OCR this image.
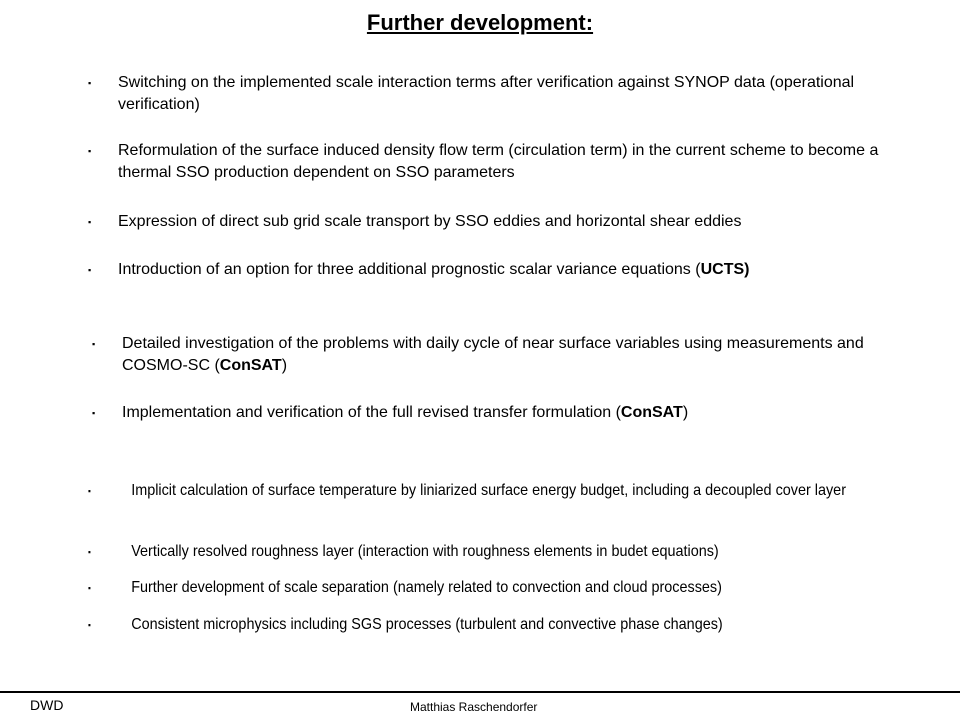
Further development:
▪ Switching on the implemented scale interaction terms after verification against SYNOP data (operational verification)
▪ Reformulation of the surface induced density flow term (circulation term) in the current scheme to become a thermal SSO production dependent on SSO parameters
▪ Expression of direct sub grid scale transport by SSO eddies and horizontal shear eddies
▪ Introduction of an option for three additional prognostic scalar variance equations (UCTS)
▪ Detailed investigation of the problems with daily cycle of near surface variables using measurements and COSMO-SC (ConSAT)
▪ Implementation and verification of the full revised transfer formulation (ConSAT)
▪	Implicit calculation of surface temperature by liniarized surface energy budget, including a decoupled cover layer
▪	Vertically resolved roughness layer (interaction with roughness elements in budet equations)
▪	Further development of scale separation (namely related to convection and cloud processes)
▪	Consistent microphysics including SGS processes (turbulent and convective phase changes)
DWD	Matthias Raschendorfer
